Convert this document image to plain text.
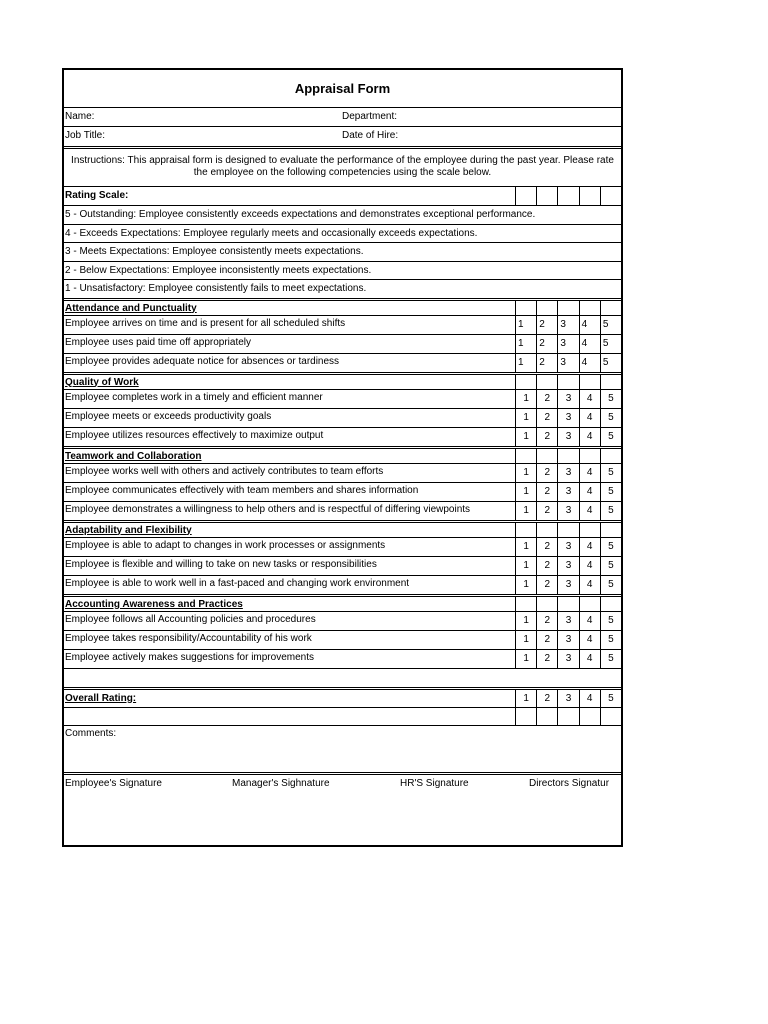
Appraisal Form
Name:	Department:
Job Title:	Date of Hire:
Instructions: This appraisal form is designed to evaluate the performance of the employee during the past year. Please rate the employee on the following competencies using the scale below.
Rating Scale:
5 - Outstanding: Employee consistently exceeds expectations and demonstrates exceptional performance.
4 - Exceeds Expectations: Employee regularly meets and occasionally exceeds expectations.
3 - Meets Expectations: Employee consistently meets expectations.
2 - Below Expectations: Employee inconsistently meets expectations.
1 - Unsatisfactory: Employee consistently fails to meet expectations.
Attendance and Punctuality
Employee arrives on time and is present for all scheduled shifts	1	2	3	4	5
Employee uses paid time off appropriately	1	2	3	4	5
Employee provides adequate notice for absences or tardiness	1	2	3	4	5
Quality of Work
Employee completes work in a timely and efficient manner	1	2	3	4	5
Employee meets or exceeds productivity goals	1	2	3	4	5
Employee utilizes resources effectively to maximize output	1	2	3	4	5
Teamwork and Collaboration
Employee works well with others and actively contributes to team efforts	1	2	3	4	5
Employee communicates effectively with team members and shares information	1	2	3	4	5
Employee demonstrates a willingness to help others and is respectful of differing viewpoints	1	2	3	4	5
Adaptability and Flexibility
Employee is able to adapt to changes in work processes or assignments	1	2	3	4	5
Employee is flexible and willing to take on new tasks or responsibilities	1	2	3	4	5
Employee is able to work well in a fast-paced and changing work environment	1	2	3	4	5
Accounting Awareness and Practices
Employee follows all Accounting policies and procedures	1	2	3	4	5
Employee takes responsibility/Accountability of his work	1	2	3	4	5
Employee actively makes suggestions for improvements	1	2	3	4	5
Overall Rating:	1	2	3	4	5
Comments:
Employee's Signature	Manager's Sighnature	HR'S Signature	Directors Signatur
